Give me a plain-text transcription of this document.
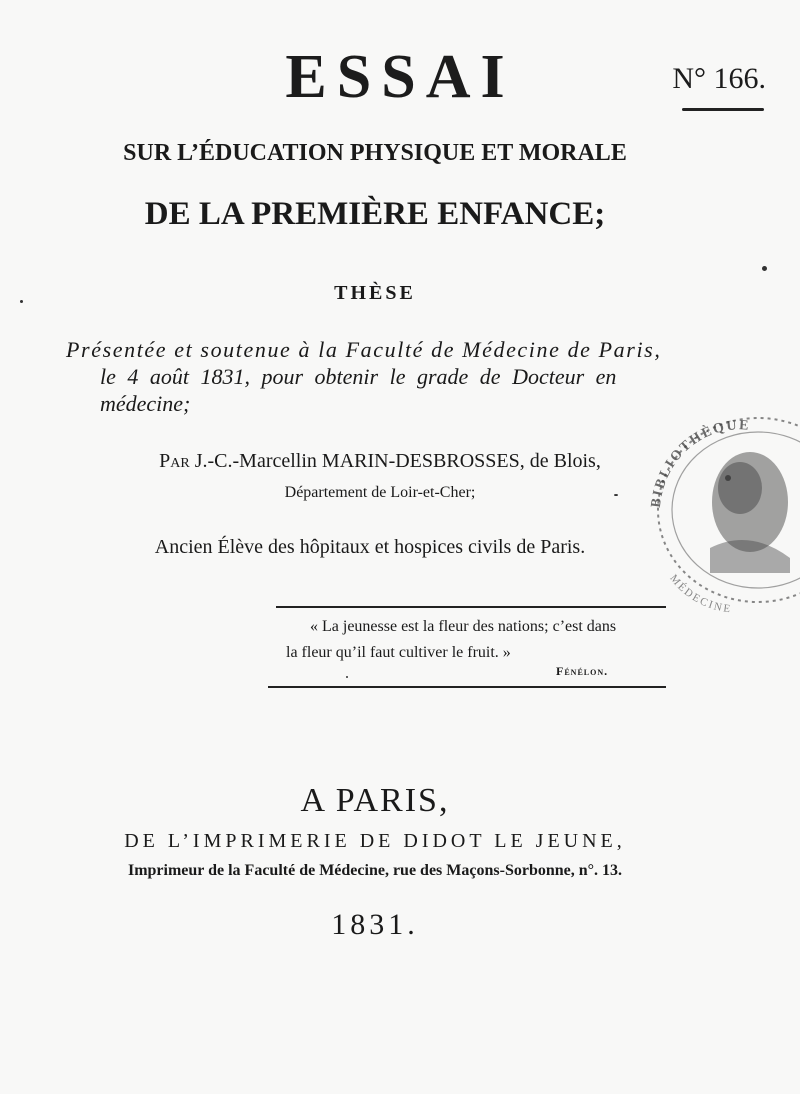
ESSAI	N° 166.
SUR L’ÉDUCATION PHYSIQUE ET MORALE
DE LA PREMIÈRE ENFANCE;
THÈSE
Présentée et soutenue à la Faculté de Médecine de Paris,
le 4 août 1831, pour obtenir le grade de Docteur en
médecine;
Par J.-C.-Marcellin MARIN-DESBROSSES, de Blois,
Département de Loir-et-Cher;
Ancien Élève des hôpitaux et hospices civils de Paris.
« La jeunesse est la fleur des nations; c’est dans
la fleur qu’il faut cultiver le fruit. »
Fénélon.
A PARIS,
DE L’IMPRIMERIE DE DIDOT LE JEUNE,
Imprimeur de la Faculté de Médecine, rue des Maçons-Sorbonne, n°. 13.
1831.
BIBLIOTHÈQUE
MÉDECINE
